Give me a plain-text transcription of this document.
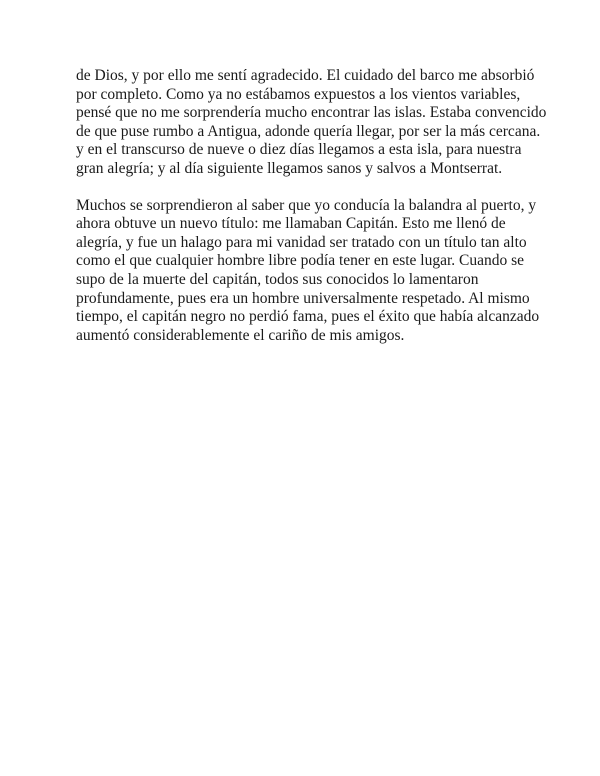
de Dios, y por ello me sentí agradecido. El cuidado del barco me absorbió
por completo. Como ya no estábamos expuestos a los vientos variables,
pensé que no me sorprendería mucho encontrar las islas. Estaba convencido
de que puse rumbo a Antigua, adonde quería llegar, por ser la más cercana.
y en el transcurso de nueve o diez días llegamos a esta isla, para nuestra
gran alegría; y al día siguiente llegamos sanos y salvos a Montserrat.

Muchos se sorprendieron al saber que yo conducía la balandra al puerto, y
ahora obtuve un nuevo título: me llamaban Capitán. Esto me llenó de
alegría, y fue un halago para mi vanidad ser tratado con un título tan alto
como el que cualquier hombre libre podía tener en este lugar. Cuando se
supo de la muerte del capitán, todos sus conocidos lo lamentaron
profundamente, pues era un hombre universalmente respetado. Al mismo
tiempo, el capitán negro no perdió fama, pues el éxito que había alcanzado
aumentó considerablemente el cariño de mis amigos.
